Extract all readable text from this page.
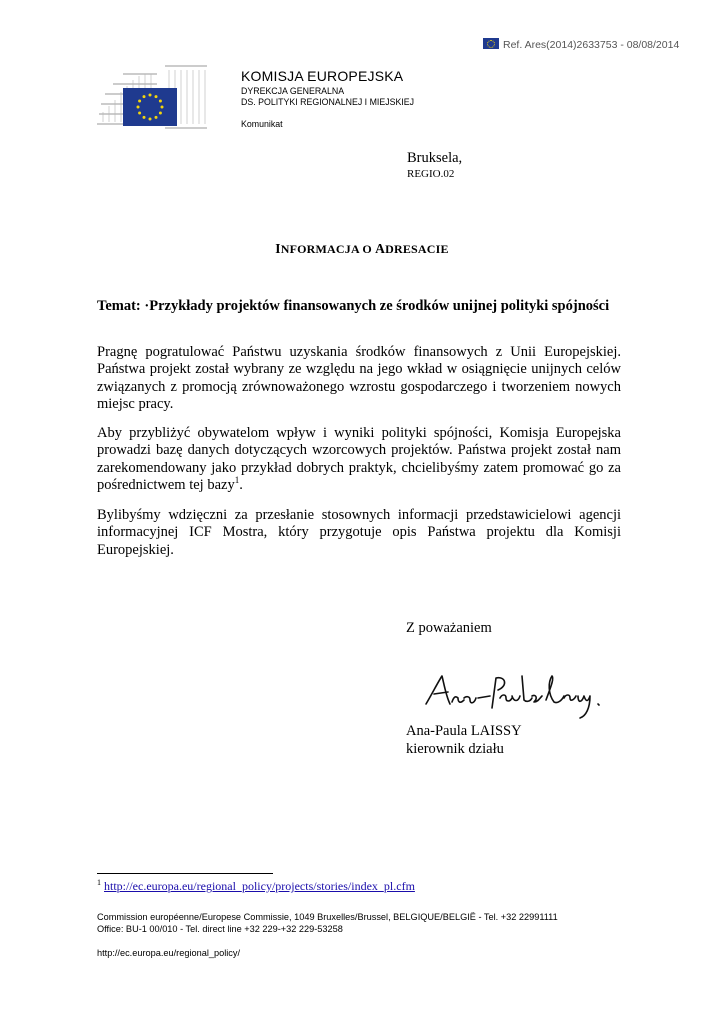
Ref. Ares(2014)2633753 - 08/08/2014
KOMISJA EUROPEJSKA
DYREKCJA GENERALNA
DS. POLITYKI REGIONALNEJ I MIEJSKIEJ
Komunikat
Bruksela,
REGIO.02
INFORMACJA O ADRESACIE
Temat: ·Przykłady projektów finansowanych ze środków unijnej polityki spójności
Pragnę pogratulować Państwu uzyskania środków finansowych z Unii Europejskiej. Państwa projekt został wybrany ze względu na jego wkład w osiągnięcie unijnych celów związanych z promocją zrównoważonego wzrostu gospodarczego i tworzeniem nowych miejsc pracy.
Aby przybliżyć obywatelom wpływ i wyniki polityki spójności, Komisja Europejska prowadzi bazę danych dotyczących wzorcowych projektów. Państwa projekt został nam zarekomendowany jako przykład dobrych praktyk, chcielibyśmy zatem promować go za pośrednictwem tej bazy$^1$.
Bylibyśmy wdzięczni za przesłanie stosownych informacji przedstawicielowi agencji informacyjnej ICF Mostra, który przygotuje opis Państwa projektu dla Komisji Europejskiej.
Z poważaniem
Ana-Paula LAISSY
kierownik działu
$^1$ http://ec.europa.eu/regional_policy/projects/stories/index_pl.cfm
Commission européenne/Europese Commissie, 1049 Bruxelles/Brussel, BELGIQUE/BELGIË - Tel. +32 22991111
Office: BU-1 00/010 - Tel. direct line +32 229-+32 229-53258
http://ec.europa.eu/regional_policy/
